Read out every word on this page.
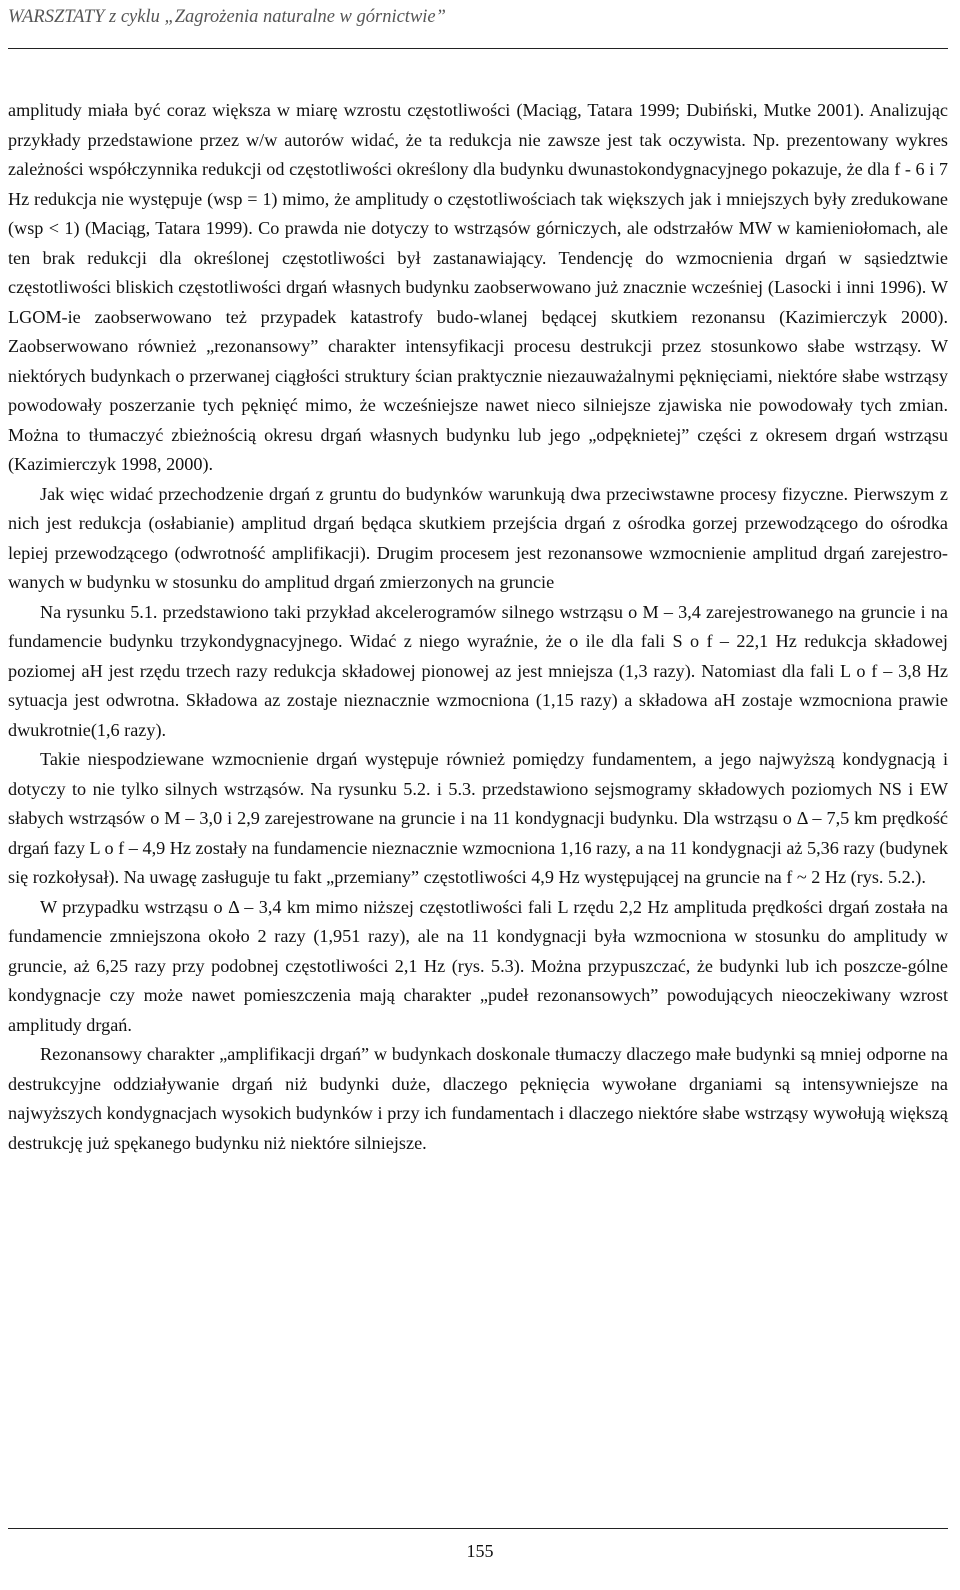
WARSZTATY z cyklu „Zagrożenia naturalne w górnictwie”

amplitudy miała być coraz większa w miarę wzrostu częstotliwości (Maciąg, Tatara 1999; Dubiński, Mutke 2001). Analizując przykłady przedstawione przez w/w autorów widać, że ta redukcja nie zawsze jest tak oczywista. Np. prezentowany wykres zależności współczynnika redukcji od częstotliwości określony dla budynku dwunastokondygnacyjnego pokazuje, że dla f - 6 i 7 Hz redukcja nie występuje (wsp = 1) mimo, że amplitudy o częstotliwościach tak większych jak i mniejszych były zredukowane (wsp < 1) (Maciąg, Tatara 1999). Co prawda nie dotyczy to wstrząsów górniczych, ale odstrzałów MW w kamieniołomach, ale ten brak redukcji dla określonej częstotliwości był zastanawiający. Tendencję do wzmocnienia drgań w sąsiedztwie częstotliwości bliskich częstotliwości drgań własnych budynku zaobserwowano już znacznie wcześniej (Lasocki i inni 1996). W LGOM-ie zaobserwowano też przypadek katastrofy budo-wlanej będącej skutkiem rezonansu (Kazimierczyk 2000). Zaobserwowano również „rezonansowy” charakter intensyfikacji procesu destrukcji przez stosunkowo słabe wstrząsy. W niektórych budynkach o przerwanej ciągłości struktury ścian praktycznie niezauważalnymi pęknięciami, niektóre słabe wstrząsy powodowały poszerzanie tych pęknięć mimo, że wcześniejsze nawet nieco silniejsze zjawiska nie powodowały tych zmian. Można to tłumaczyć zbieżnością okresu drgań własnych budynku lub jego „odpęknietej” części z okresem drgań wstrząsu (Kazimierczyk 1998, 2000).

Jak więc widać przechodzenie drgań z gruntu do budynków warunkują dwa przeciwstawne procesy fizyczne. Pierwszym z nich jest redukcja (osłabianie) amplitud drgań będąca skutkiem przejścia drgań z ośrodka gorzej przewodzącego do ośrodka lepiej przewodzącego (odwrotność amplifikacji). Drugim procesem jest rezonansowe wzmocnienie amplitud drgań zarejestro-wanych w budynku w stosunku do amplitud drgań zmierzonych na gruncie

Na rysunku 5.1. przedstawiono taki przykład akcelerogramów silnego wstrząsu o M – 3,4 zarejestrowanego na gruncie i na fundamencie budynku trzykondygnacyjnego. Widać z niego wyraźnie, że o ile dla fali S o f – 22,1 Hz redukcja składowej poziomej aH jest rzędu trzech razy redukcja składowej pionowej az jest mniejsza (1,3 razy). Natomiast dla fali L o f – 3,8 Hz sytuacja jest odwrotna. Składowa az zostaje nieznacznie wzmocniona (1,15 razy) a składowa aH zostaje wzmocniona prawie dwukrotnie(1,6 razy).

Takie niespodziewane wzmocnienie drgań występuje również pomiędzy fundamentem, a jego najwyższą kondygnacją i dotyczy to nie tylko silnych wstrząsów. Na rysunku 5.2. i 5.3. przedstawiono sejsmogramy składowych poziomych NS i EW słabych wstrząsów o M – 3,0 i 2,9 zarejestrowane na gruncie i na 11 kondygnacji budynku. Dla wstrząsu o Δ – 7,5 km prędkość drgań fazy L o f – 4,9 Hz zostały na fundamencie nieznacznie wzmocniona 1,16 razy, a na 11 kondygnacji aż 5,36 razy (budynek się rozkołysał). Na uwagę zasługuje tu fakt „przemiany” częstotliwości 4,9 Hz występującej na gruncie na f ~ 2 Hz (rys. 5.2.).

W przypadku wstrząsu o Δ – 3,4 km mimo niższej częstotliwości fali L rzędu 2,2 Hz amplituda prędkości drgań została na fundamencie zmniejszona około 2 razy (1,951 razy), ale na 11 kondygnacji była wzmocniona w stosunku do amplitudy w gruncie, aż 6,25 razy przy podobnej częstotliwości 2,1 Hz (rys. 5.3). Można przypuszczać, że budynki lub ich poszcze-gólne kondygnacje czy może nawet pomieszczenia mają charakter „pudeł rezonansowych” powodujących nieoczekiwany wzrost amplitudy drgań.

Rezonansowy charakter „amplifikacji drgań” w budynkach doskonale tłumaczy dlaczego małe budynki są mniej odporne na destrukcyjne oddziaływanie drgań niż budynki duże, dlaczego pęknięcia wywołane drganiami są intensywniejsze na najwyższych kondygnacjach wysokich budynków i przy ich fundamentach i dlaczego niektóre słabe wstrząsy wywołują większą destrukcję już spękanego budynku niż niektóre silniejsze.

155
